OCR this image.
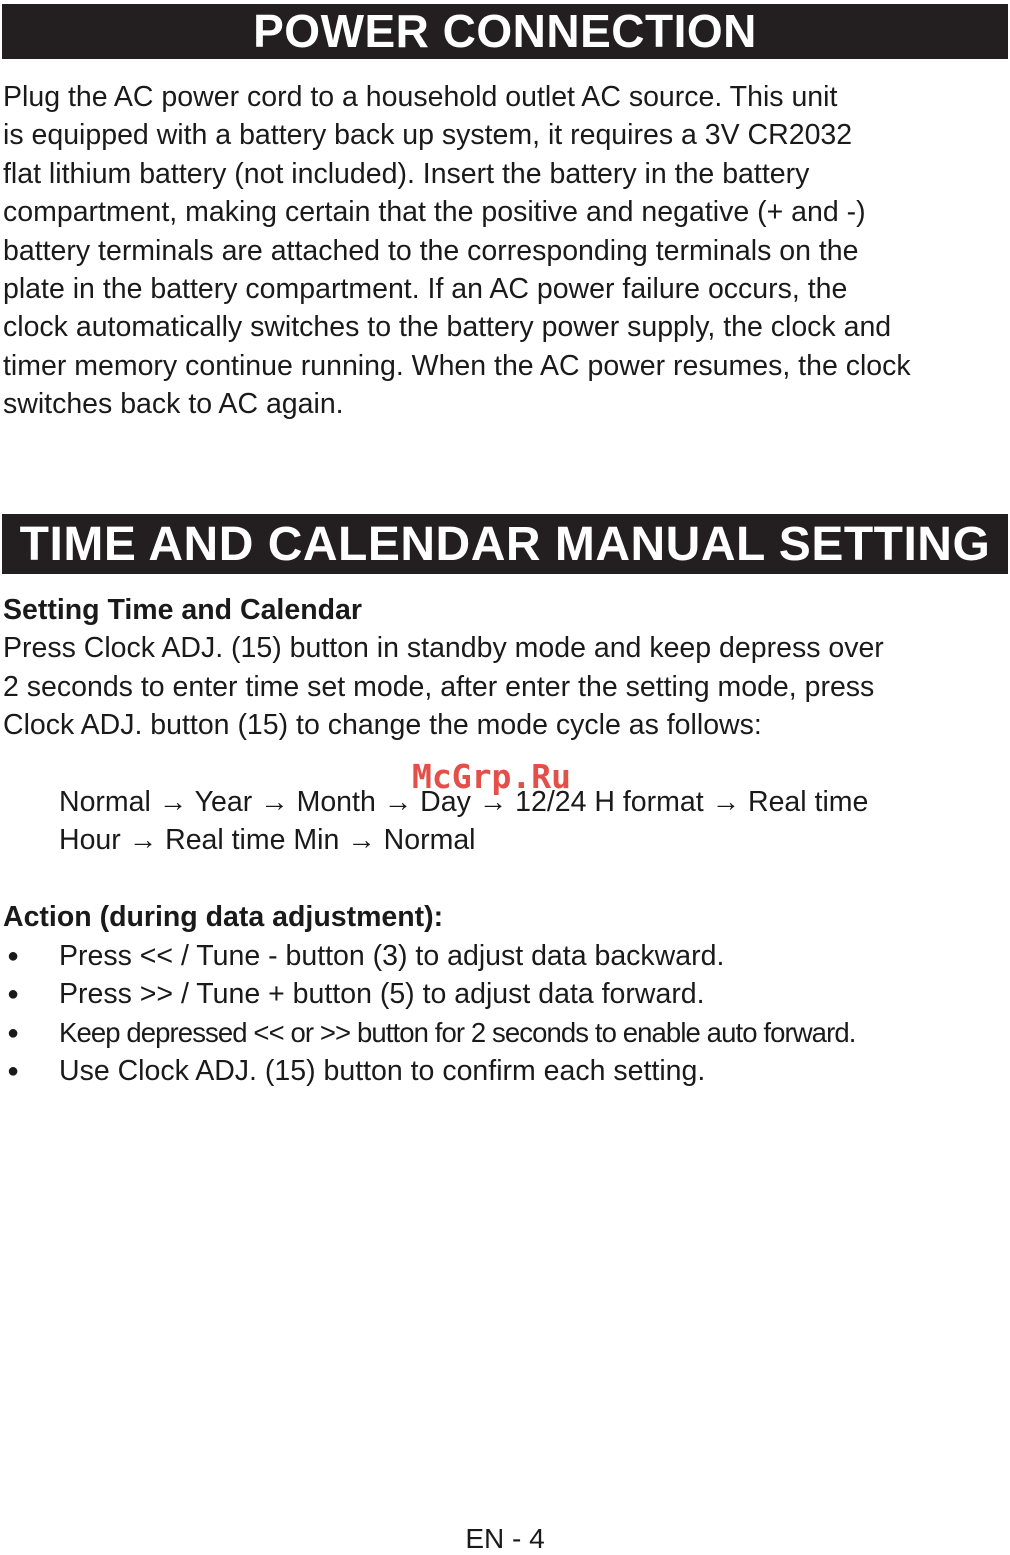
POWER CONNECTION
Plug the AC power cord to a household outlet AC source. This unit
is equipped with a battery back up system, it requires a 3V CR2032
flat lithium battery (not included). Insert the battery in the battery
compartment, making certain that the positive and negative (+ and -)
battery terminals are attached to the corresponding terminals on the
plate in the battery compartment. If an AC power failure occurs, the
clock automatically switches to the battery power supply, the clock and
timer memory continue running. When the AC power resumes, the clock
switches back to AC again.
TIME AND CALENDAR MANUAL SETTING
Setting Time and Calendar
Press Clock ADJ. (15) button in standby mode and keep depress over
2 seconds to enter time set mode, after enter the setting mode, press
Clock ADJ. button (15) to change the mode cycle as follows:
Normal → Year → Month → Day → 12/24 H format → Real time
Hour → Real time Min → Normal
McGrp.Ru
Action (during data adjustment):
● Press << / Tune - button (3) to adjust data backward.
● Press >> / Tune + button (5) to adjust data forward.
● Keep depressed << or >> button for 2 seconds to enable auto forward.
● Use Clock ADJ. (15) button to confirm each setting.
EN - 4
